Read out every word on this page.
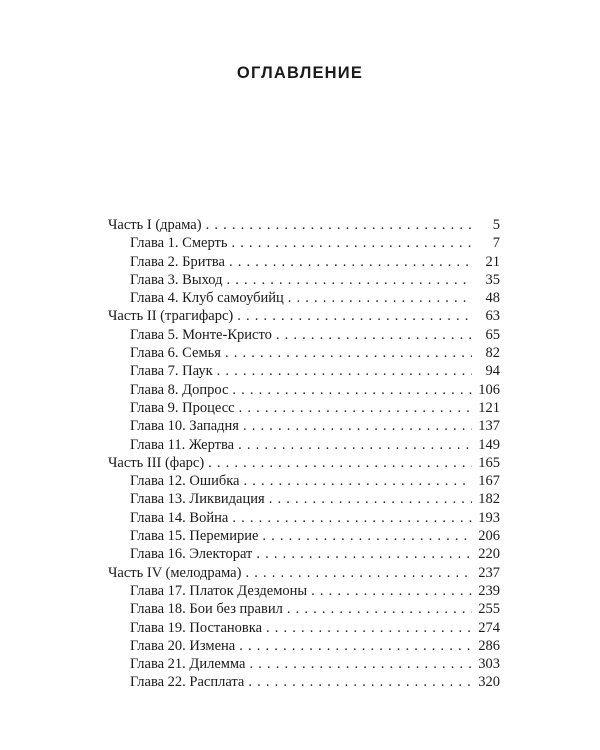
ОГЛАВЛЕНИЕ
Часть I (драма) . . .	5
Глава 1. Смерть . . .	7
Глава 2. Бритва . . .	21
Глава 3. Выход . . .	35
Глава 4. Клуб самоубийц . . .	48
Часть II (трагифарс) . . .	63
Глава 5. Монте-Кристо . . .	65
Глава 6. Семья . . .	82
Глава 7. Паук . . .	94
Глава 8. Допрос . . .	106
Глава 9. Процесс . . .	121
Глава 10. Западня . . .	137
Глава 11. Жертва . . .	149
Часть III (фарс) . . .	165
Глава 12. Ошибка . . .	167
Глава 13. Ликвидация . . .	182
Глава 14. Война . . .	193
Глава 15. Перемирие . . .	206
Глава 16. Электорат . . .	220
Часть IV (мелодрама) . . .	237
Глава 17. Платок Дездемоны . . .	239
Глава 18. Бои без правил . . .	255
Глава 19. Постановка . . .	274
Глава 20. Измена . . .	286
Глава 21. Дилемма . . .	303
Глава 22. Расплата . . .	320
